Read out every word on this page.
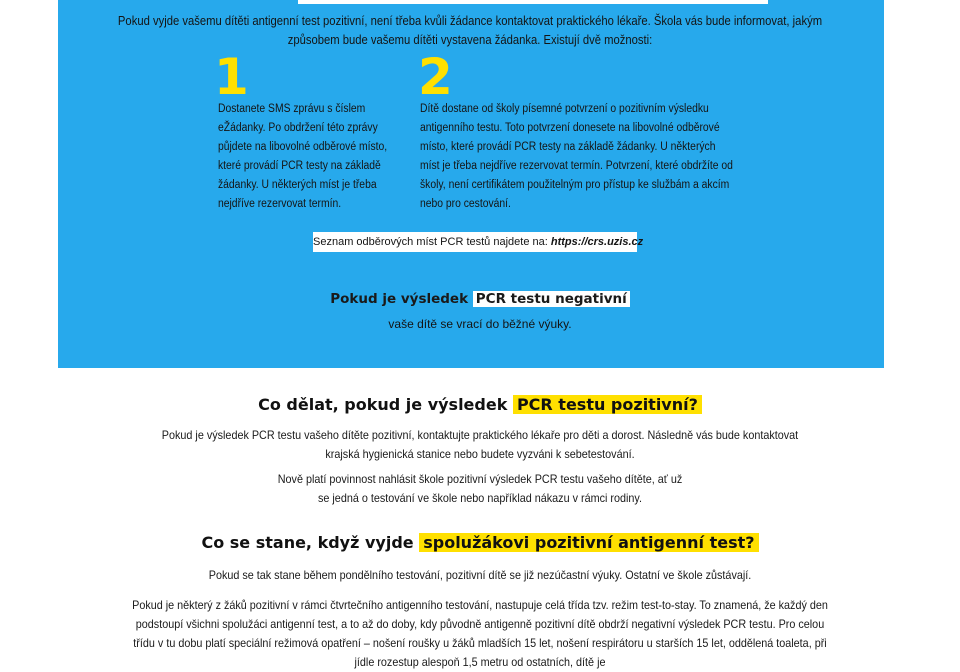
Pokud vyjde vašemu dítěti antigenní test pozitivní, není třeba kvůli žádance kontaktovat praktického lékaře. Škola vás bude informovat, jakým způsobem bude vašemu dítěti vystavena žádanka. Existují dvě možnosti:
1	2
Dostanete SMS zprávu s číslem eŽádanky. Po obdržení této zprávy půjdete na libovolné odběrové místo, které provádí PCR testy na základě žádanky. U některých míst je třeba nejdříve rezervovat termín.
Dítě dostane od školy písemné potvrzení o pozitivním výsledku antigenního testu. Toto potvrzení donesete na libovolné odběrové místo, které provádí PCR testy na základě žádanky. U některých míst je třeba nejdříve rezervovat termín. Potvrzení, které obdržíte od školy, není certifikátem použitelným pro přístup ke službám a akcím nebo pro cestování.
Seznam odběrových míst PCR testů najdete na: https://crs.uzis.cz
Pokud je výsledek PCR testu negativní
vaše dítě se vrací do běžné výuky.
Co dělat, pokud je výsledek PCR testu pozitivní?
Pokud je výsledek PCR testu vašeho dítěte pozitivní, kontaktujte praktického lékaře pro děti a dorost. Následně vás bude kontaktovat krajská hygienická stanice nebo budete vyzváni k sebetestování.
Nově platí povinnost nahlásit škole pozitivní výsledek PCR testu vašeho dítěte, ať už se jedná o testování ve škole nebo například nákazu v rámci rodiny.
Co se stane, když vyjde spolužákovi pozitivní antigenní test?
Pokud se tak stane během pondělního testování, pozitivní dítě se již nezúčastní výuky. Ostatní ve škole zůstávají.
Pokud je některý z žáků pozitivní v rámci čtvrtečního antigenního testování, nastupuje celá třída tzv. režim test-to-stay. To znamená, že každý den podstoupí všichni spolužáci antigenní test, a to až do doby, kdy původně antigenně pozitivní dítě obdrží negativní výsledek PCR testu. Pro celou třídu v tu dobu platí speciální režimová opatření – nošení roušky u žáků mladších 15 let, nošení respirátoru u starších 15 let, oddělená toaleta, při jídle rozestup alespoň 1,5 metru od ostatních, dítě je
